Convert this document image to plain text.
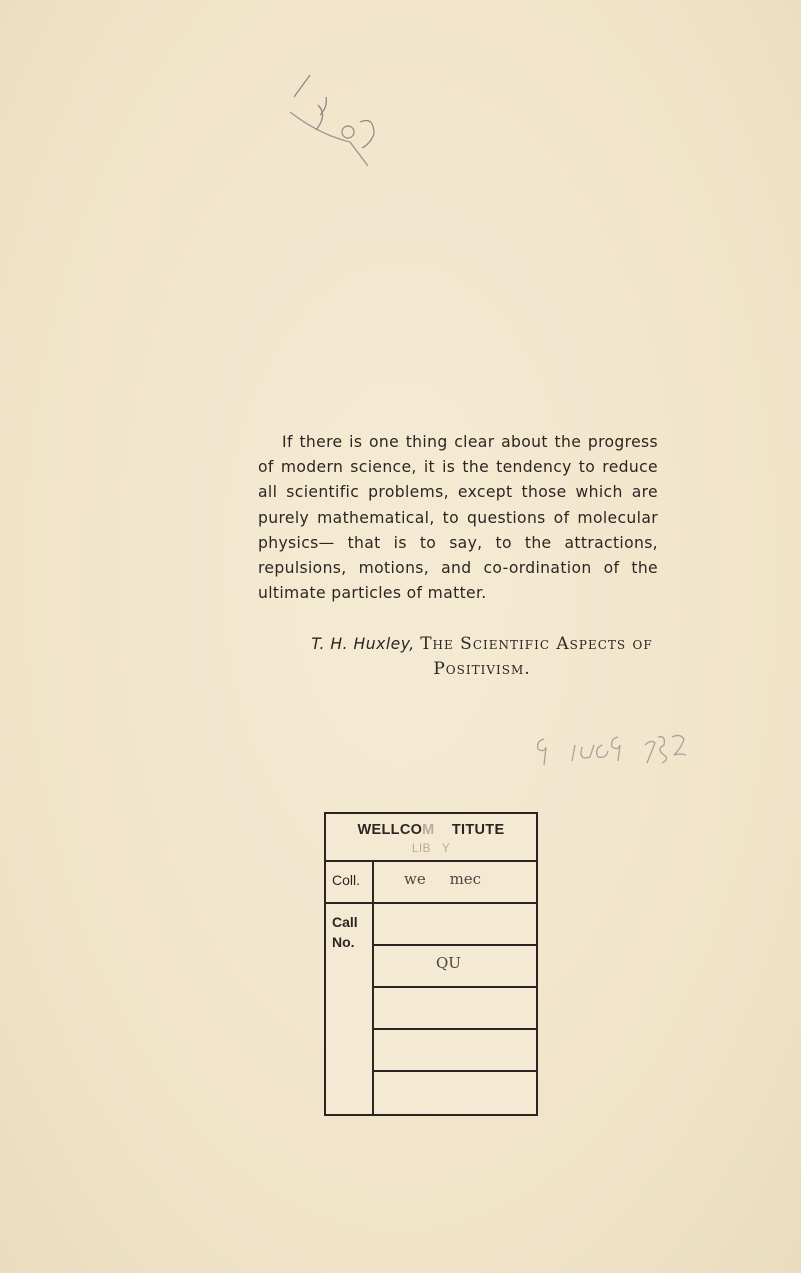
If there is one thing clear about the progress of modern science, it is the tendency to reduce all scientific problems, except those which are purely mathematical, to questions of molecular physics— that is to say, to the attractions, repulsions, motions, and co-ordination of the ultimate particles of matter.

T. H. Huxley, The Scientific Aspects of
Positivism.
WELLCOM TITUTE
LIB Y
Coll.	we mec
Call
No.
QU
